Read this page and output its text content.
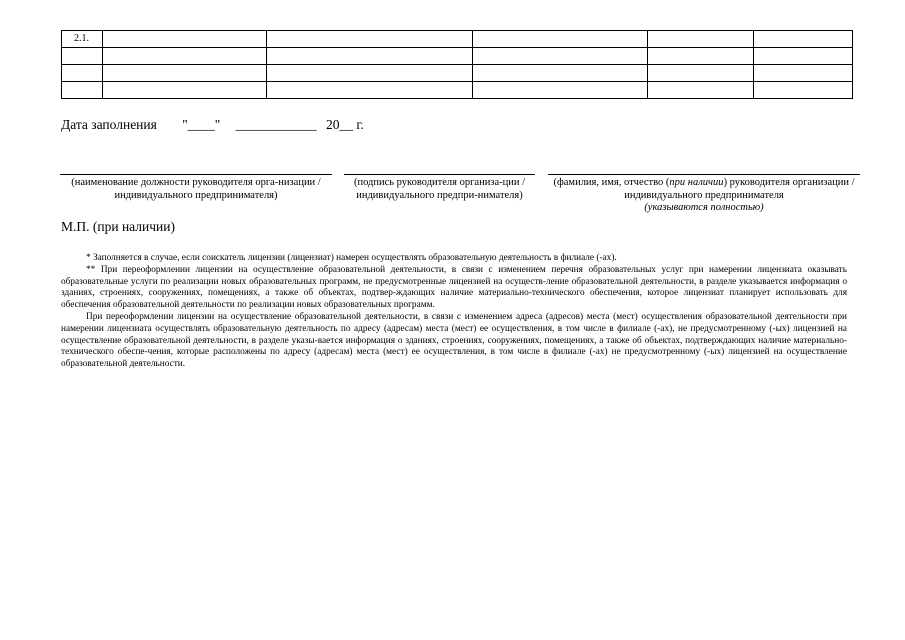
2.1.					

Дата заполнения "____" ____________ 20__ г.
(наименование должности руководителя орга-низации / индивидуального предпринимателя)
(подпись руководителя организа-ции / индивидуального предпри-нимателя)
(фамилия, имя, отчество (при наличии) руководителя организации / индивидуального предпринимателя
(указываются полностью)
М.П. (при наличии)

* Заполняется в случае, если соискатель лицензии (лицензиат) намерен осуществлять образовательную деятельность в филиале (-ах).

** При переоформлении лицензии на осуществление образовательной деятельности, в связи с изменением перечня образовательных услуг при намерении лицензиата оказывать образовательные услуги по реализации новых образовательных программ, не предусмотренные лицензией на осуществ-ление образовательной деятельности, в разделе указывается информация о зданиях, строениях, сооружениях, помещениях, а также об объектах, подтвер-ждающих наличие материально-технического обеспечения, которое лицензиат планирует использовать для обеспечения образовательной деятельности по реализации новых образовательных программ.

При переоформлении лицензии на осуществление образовательной деятельности, в связи с изменением адреса (адресов) места (мест) осуществления образовательной деятельности при намерении лицензиата осуществлять образовательную деятельность по адресу (адресам) места (мест) ее осуществления, в том числе в филиале (-ах), не предусмотренному (-ых) лицензией на осуществление образовательной деятельности, в разделе указы-вается информация о зданиях, строениях, сооружениях, помещениях, а также об объектах, подтверждающих наличие материально-технического обеспе-чения, которые расположены по адресу (адресам) места (мест) ее осуществления, в том числе в филиале (-ах) не предусмотренному (-ых) лицензией на осуществление образовательной деятельности.
